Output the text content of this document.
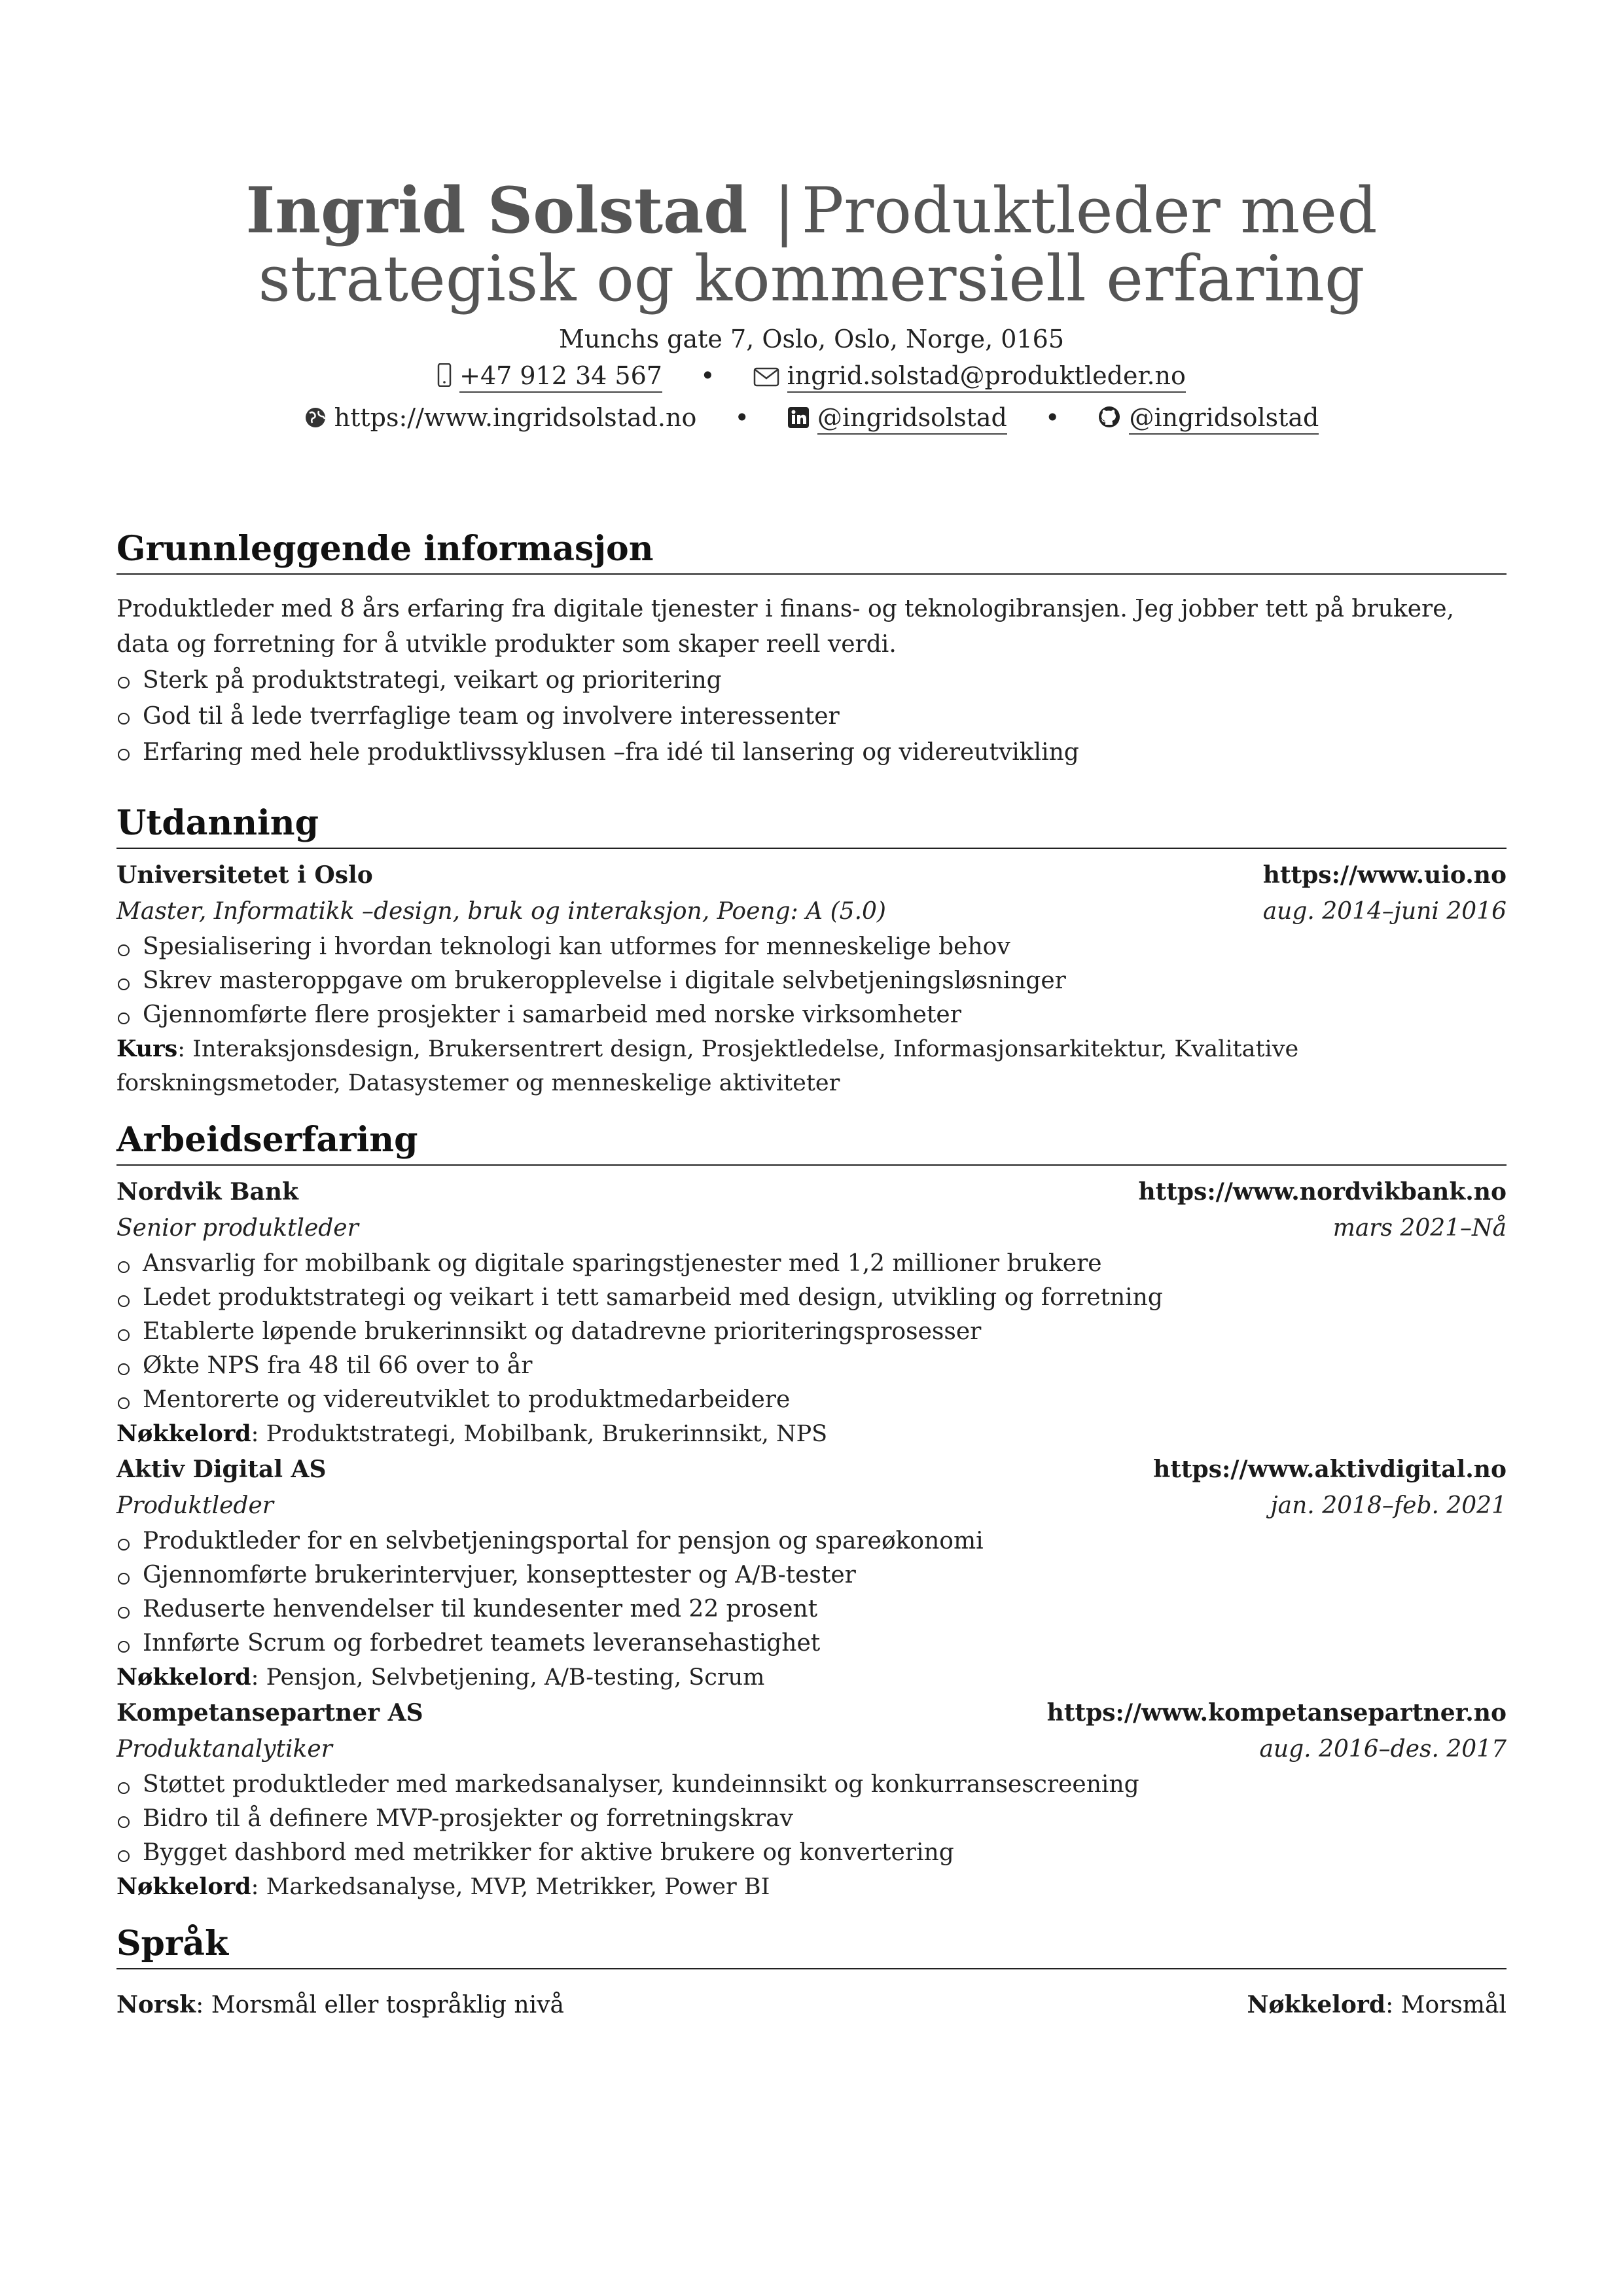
Ingrid Solstad | Produktleder med
strategisk og kommersiell erfaring
Munchs gate 7, Oslo, Oslo, Norge, 0165
+47 912 34 567 •	ingrid.solstad@produktleder.no
https://www.ingridsolstad.no •	@ingridsolstad •	@ingridsolstad
Grunnleggende informasjon
Produktleder med 8 års erfaring fra digitale tjenester i finans- og teknologibransjen. Jeg jobber tett på brukere, data og forretning for å utvikle produkter som skaper reell verdi.
Sterk på produktstrategi, veikart og prioritering
God til å lede tverrfaglige team og involvere interessenter
Erfaring med hele produktlivssyklusen –fra idé til lansering og videreutvikling
Utdanning
Universitetet i Oslo	https://www.uio.no
Master, Informatikk –design, bruk og interaksjon, Poeng: A (5.0)	aug. 2014–juni 2016
Spesialisering i hvordan teknologi kan utformes for menneskelige behov
Skrev masteroppgave om brukeropplevelse i digitale selvbetjeningsløsninger
Gjennomførte flere prosjekter i samarbeid med norske virksomheter
Kurs: Interaksjonsdesign, Brukersentrert design, Prosjektledelse, Informasjonsarkitektur, Kvalitative forskningsmetoder, Datasystemer og menneskelige aktiviteter
Arbeidserfaring
Nordvik Bank	https://www.nordvikbank.no
Senior produktleder	mars 2021–Nå
Ansvarlig for mobilbank og digitale sparingstjenester med 1,2 millioner brukere
Ledet produktstrategi og veikart i tett samarbeid med design, utvikling og forretning
Etablerte løpende brukerinnsikt og datadrevne prioriteringsprosesser
Økte NPS fra 48 til 66 over to år
Mentorerte og videreutviklet to produktmedarbeidere
Nøkkelord: Produktstrategi, Mobilbank, Brukerinnsikt, NPS
Aktiv Digital AS	https://www.aktivdigital.no
Produktleder	jan. 2018–feb. 2021
Produktleder for en selvbetjeningsportal for pensjon og spareøkonomi
Gjennomførte brukerintervjuer, konsepttester og A/B-tester
Reduserte henvendelser til kundesenter med 22 prosent
Innførte Scrum og forbedret teamets leveransehastighet
Nøkkelord: Pensjon, Selvbetjening, A/B-testing, Scrum
Kompetansepartner AS	https://www.kompetansepartner.no
Produktanalytiker	aug. 2016–des. 2017
Støttet produktleder med markedsanalyser, kundeinnsikt og konkurransescreening
Bidro til å definere MVP-prosjekter og forretningskrav
Bygget dashbord med metrikker for aktive brukere og konvertering
Nøkkelord: Markedsanalyse, MVP, Metrikker, Power BI
Språk
Norsk: Morsmål eller tospråklig nivå	Nøkkelord: Morsmål
